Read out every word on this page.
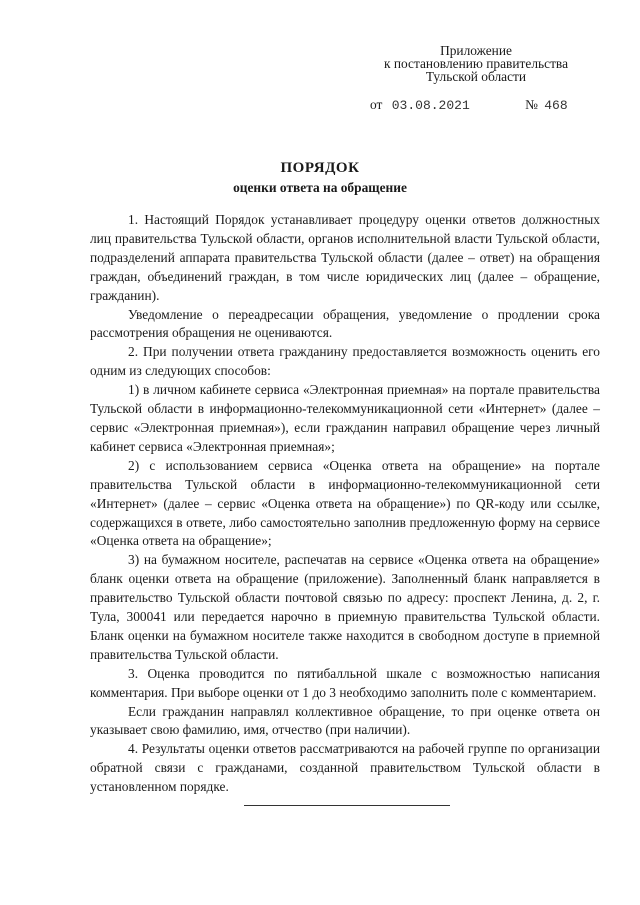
Приложение
к постановлению правительства
Тульской области
от 03.08.2021	№ 468
ПОРЯДОК
оценки ответа на обращение

1. Настоящий Порядок устанавливает процедуру оценки ответов должностных лиц правительства Тульской области, органов исполнительной власти Тульской области, подразделений аппарата правительства Тульской области (далее – ответ) на обращения граждан, объединений граждан, в том числе юридических лиц (далее – обращение, гражданин).

Уведомление о переадресации обращения, уведомление о продлении срока рассмотрения обращения не оцениваются.

2. При получении ответа гражданину предоставляется возможность оценить его одним из следующих способов:

1) в личном кабинете сервиса «Электронная приемная» на портале правительства Тульской области в информационно-телекоммуникационной сети «Интернет» (далее – сервис «Электронная приемная»), если гражданин направил обращение через личный кабинет сервиса «Электронная приемная»;

2) с использованием сервиса «Оценка ответа на обращение» на портале правительства Тульской области в информационно-телекоммуникационной сети «Интернет» (далее – сервис «Оценка ответа на обращение») по QR-коду или ссылке, содержащихся в ответе, либо самостоятельно заполнив предложенную форму на сервисе «Оценка ответа на обращение»;

3) на бумажном носителе, распечатав на сервисе «Оценка ответа на обращение» бланк оценки ответа на обращение (приложение). Заполненный бланк направляется в правительство Тульской области почтовой связью по адресу: проспект Ленина, д. 2, г. Тула, 300041 или передается нарочно в приемную правительства Тульской области. Бланк оценки на бумажном носителе также находится в свободном доступе в приемной правительства Тульской области.

3. Оценка проводится по пятибалльной шкале с возможностью написания комментария. При выборе оценки от 1 до 3 необходимо заполнить поле с комментарием.

Если гражданин направлял коллективное обращение, то при оценке ответа он указывает свою фамилию, имя, отчество (при наличии).

4. Результаты оценки ответов рассматриваются на рабочей группе по организации обратной связи с гражданами, созданной правительством Тульской области в установленном порядке.
